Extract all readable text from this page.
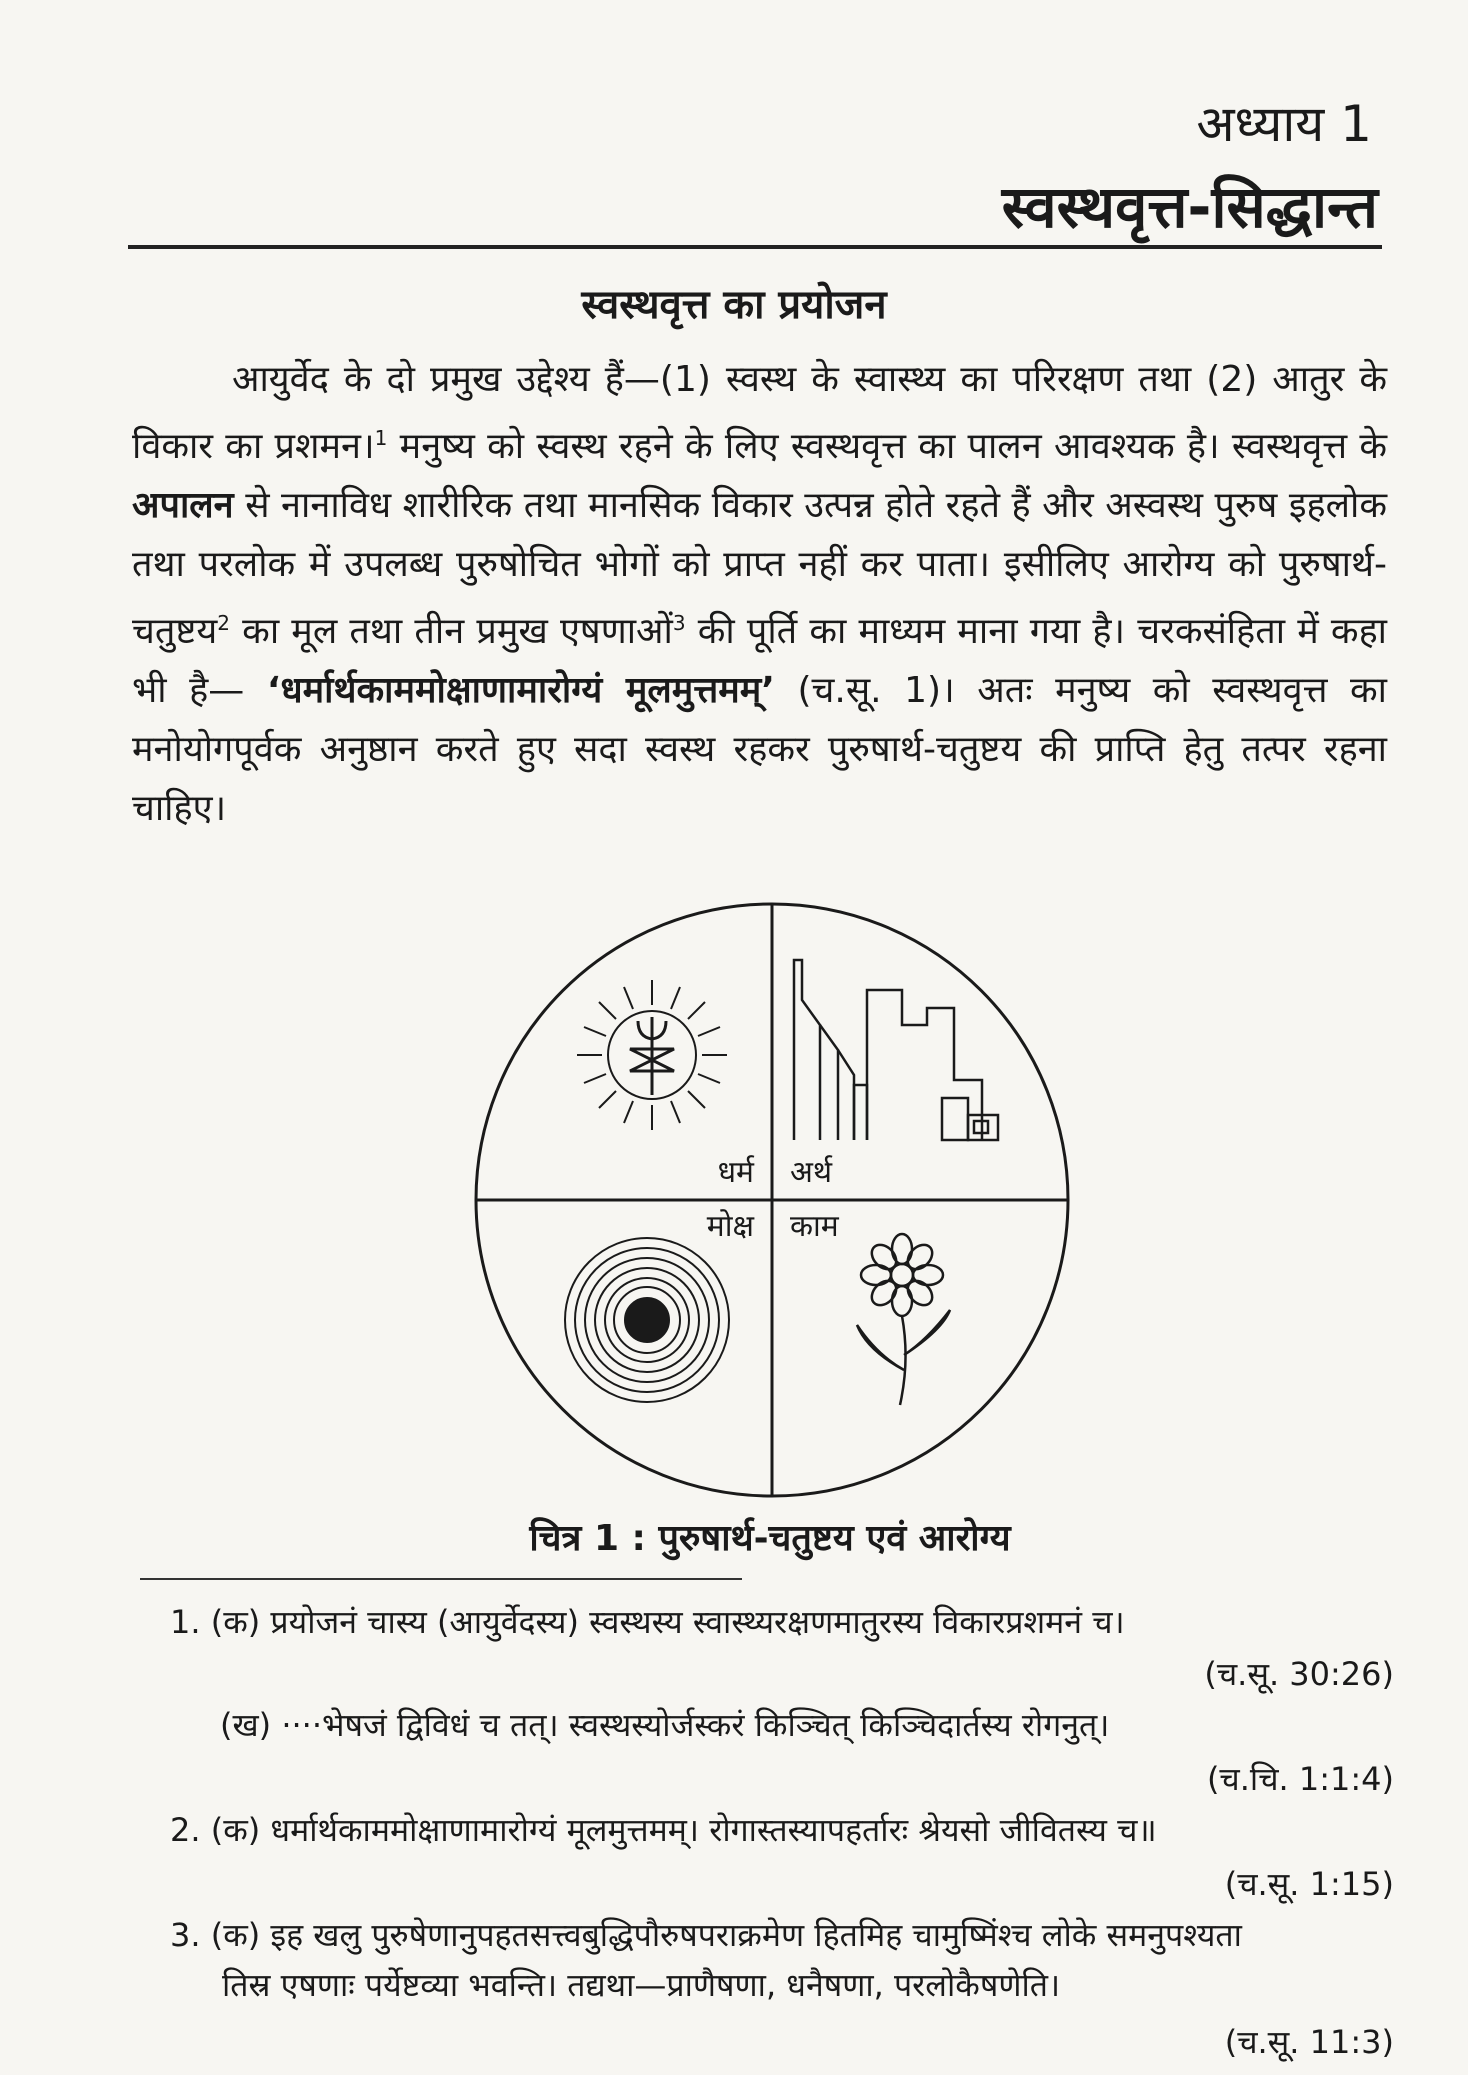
अध्याय 1
स्वस्थवृत्त-सिद्धान्त
स्वस्थवृत्त का प्रयोजन

आयुर्वेद के दो प्रमुख उद्देश्य हैं—(1) स्वस्थ के स्वास्थ्य का परिरक्षण तथा (2) आतुर के विकार का प्रशमन।$^1$ मनुष्य को स्वस्थ रहने के लिए स्वस्थवृत्त का पालन आवश्यक है। स्वस्थवृत्त के अपालन से नानाविध शारीरिक तथा मानसिक विकार उत्पन्न होते रहते हैं और अस्वस्थ पुरुष इहलोक तथा परलोक में उपलब्ध पुरुषोचित भोगों को प्राप्त नहीं कर पाता। इसीलिए आरोग्य को पुरुषार्थ-चतुष्टय$^2$ का मूल तथा तीन प्रमुख एषणाओं$^3$ की पूर्ति का माध्यम माना गया है। चरकसंहिता में कहा भी है— ‘धर्मार्थकाममोक्षाणामारोग्यं मूलमुत्तमम्’ (च.सू. 1)। अतः मनुष्य को स्वस्थवृत्त का मनोयोगपूर्वक अनुष्ठान करते हुए सदा स्वस्थ रहकर पुरुषार्थ-चतुष्टय की प्राप्ति हेतु तत्पर रहना चाहिए।

धर्म अर्थ
मोक्ष काम
चित्र 1 : पुरुषार्थ-चतुष्टय एवं आरोग्य
1. (क) प्रयोजनं चास्य (आयुर्वेदस्य) स्वस्थस्य स्वास्थ्यरक्षणमातुरस्य विकारप्रशमनं च।
(च.सू. 30:26)
(ख) ····भेषजं द्विविधं च तत्। स्वस्थस्योर्जस्करं किञ्चित् किञ्चिदार्तस्य रोगनुत्।
(च.चि. 1:1:4)
2. (क) धर्मार्थकाममोक्षाणामारोग्यं मूलमुत्तमम्। रोगास्तस्यापहर्तारः श्रेयसो जीवितस्य च॥
(च.सू. 1:15)
3. (क) इह खलु पुरुषेणानुपहतसत्त्वबुद्धिपौरुषपराक्रमेण हितमिह चामुष्मिंश्च लोके समनुपश्यता
तिस्र एषणाः पर्येष्टव्या भवन्ति। तद्यथा—प्राणैषणा, धनैषणा, परलोकैषणेति।
(च.सू. 11:3)
